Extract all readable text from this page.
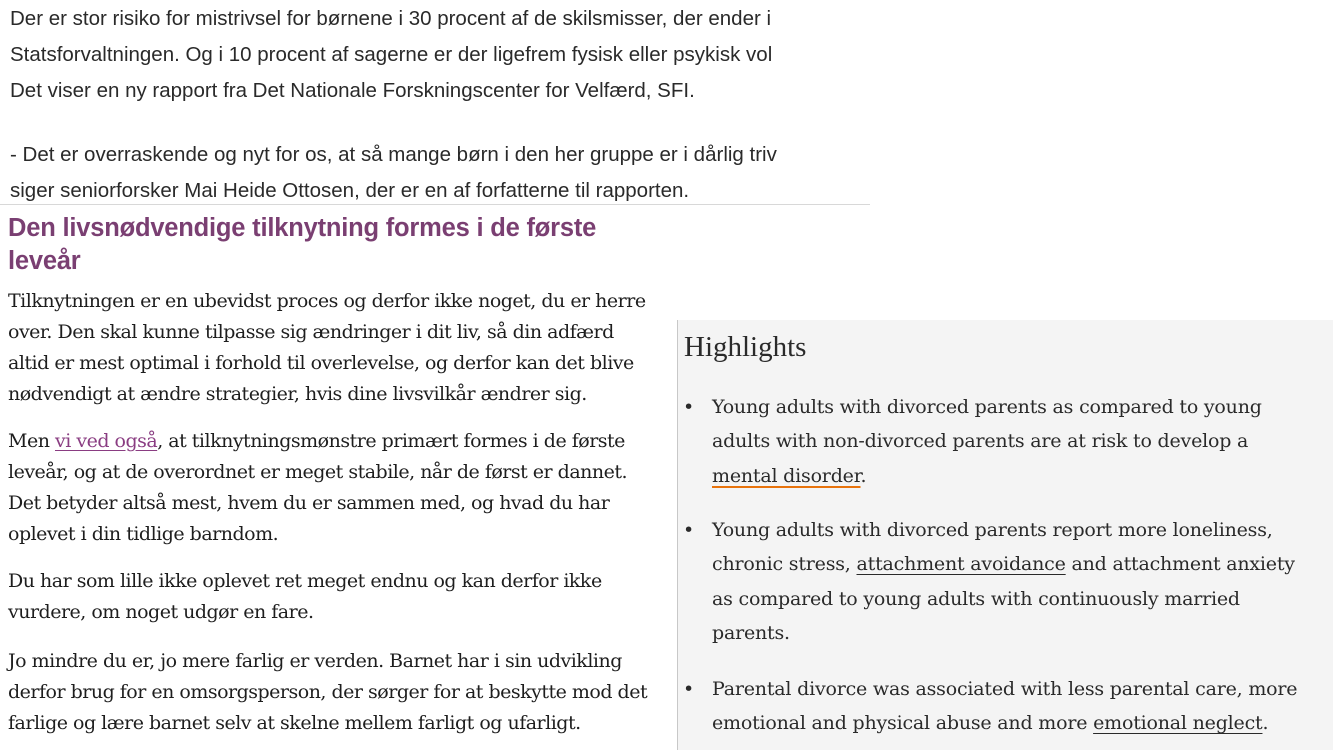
Der er stor risiko for mistrivsel for børnene i 30 procent af de skilsmisser, der ender i

Statsforvaltningen. Og i 10 procent af sagerne er der ligefrem fysisk eller psykisk vol

Det viser en ny rapport fra Det Nationale Forskningscenter for Velfærd, SFI.

- Det er overraskende og nyt for os, at så mange børn i den her gruppe er i dårlig triv

siger seniorforsker Mai Heide Ottosen, der er en af forfatterne til rapporten.

Den livsnødvendige tilknytning formes i de første
leveår
Tilknytningen er en ubevidst proces og derfor ikke noget, du er herre
over. Den skal kunne tilpasse sig ændringer i dit liv, så din adfærd
altid er mest optimal i forhold til overlevelse, og derfor kan det blive
nødvendigt at ændre strategier, hvis dine livsvilkår ændrer sig.
Men vi ved også, at tilknytningsmønstre primært formes i de første
leveår, og at de overordnet er meget stabile, når de først er dannet.
Det betyder altså mest, hvem du er sammen med, og hvad du har
oplevet i din tidlige barndom.
Du har som lille ikke oplevet ret meget endnu og kan derfor ikke
vurdere, om noget udgør en fare.
Jo mindre du er, jo mere farlig er verden. Barnet har i sin udvikling
derfor brug for en omsorgsperson, der sørger for at beskytte mod det
farlige og lære barnet selv at skelne mellem farligt og ufarligt.
Highlights
• Young adults with divorced parents as compared to young
adults with non-divorced parents are at risk to develop a
mental disorder.
• Young adults with divorced parents report more loneliness,
chronic stress, attachment avoidance and attachment anxiety
as compared to young adults with continuously married
parents.
• Parental divorce was associated with less parental care, more
emotional and physical abuse and more emotional neglect.
